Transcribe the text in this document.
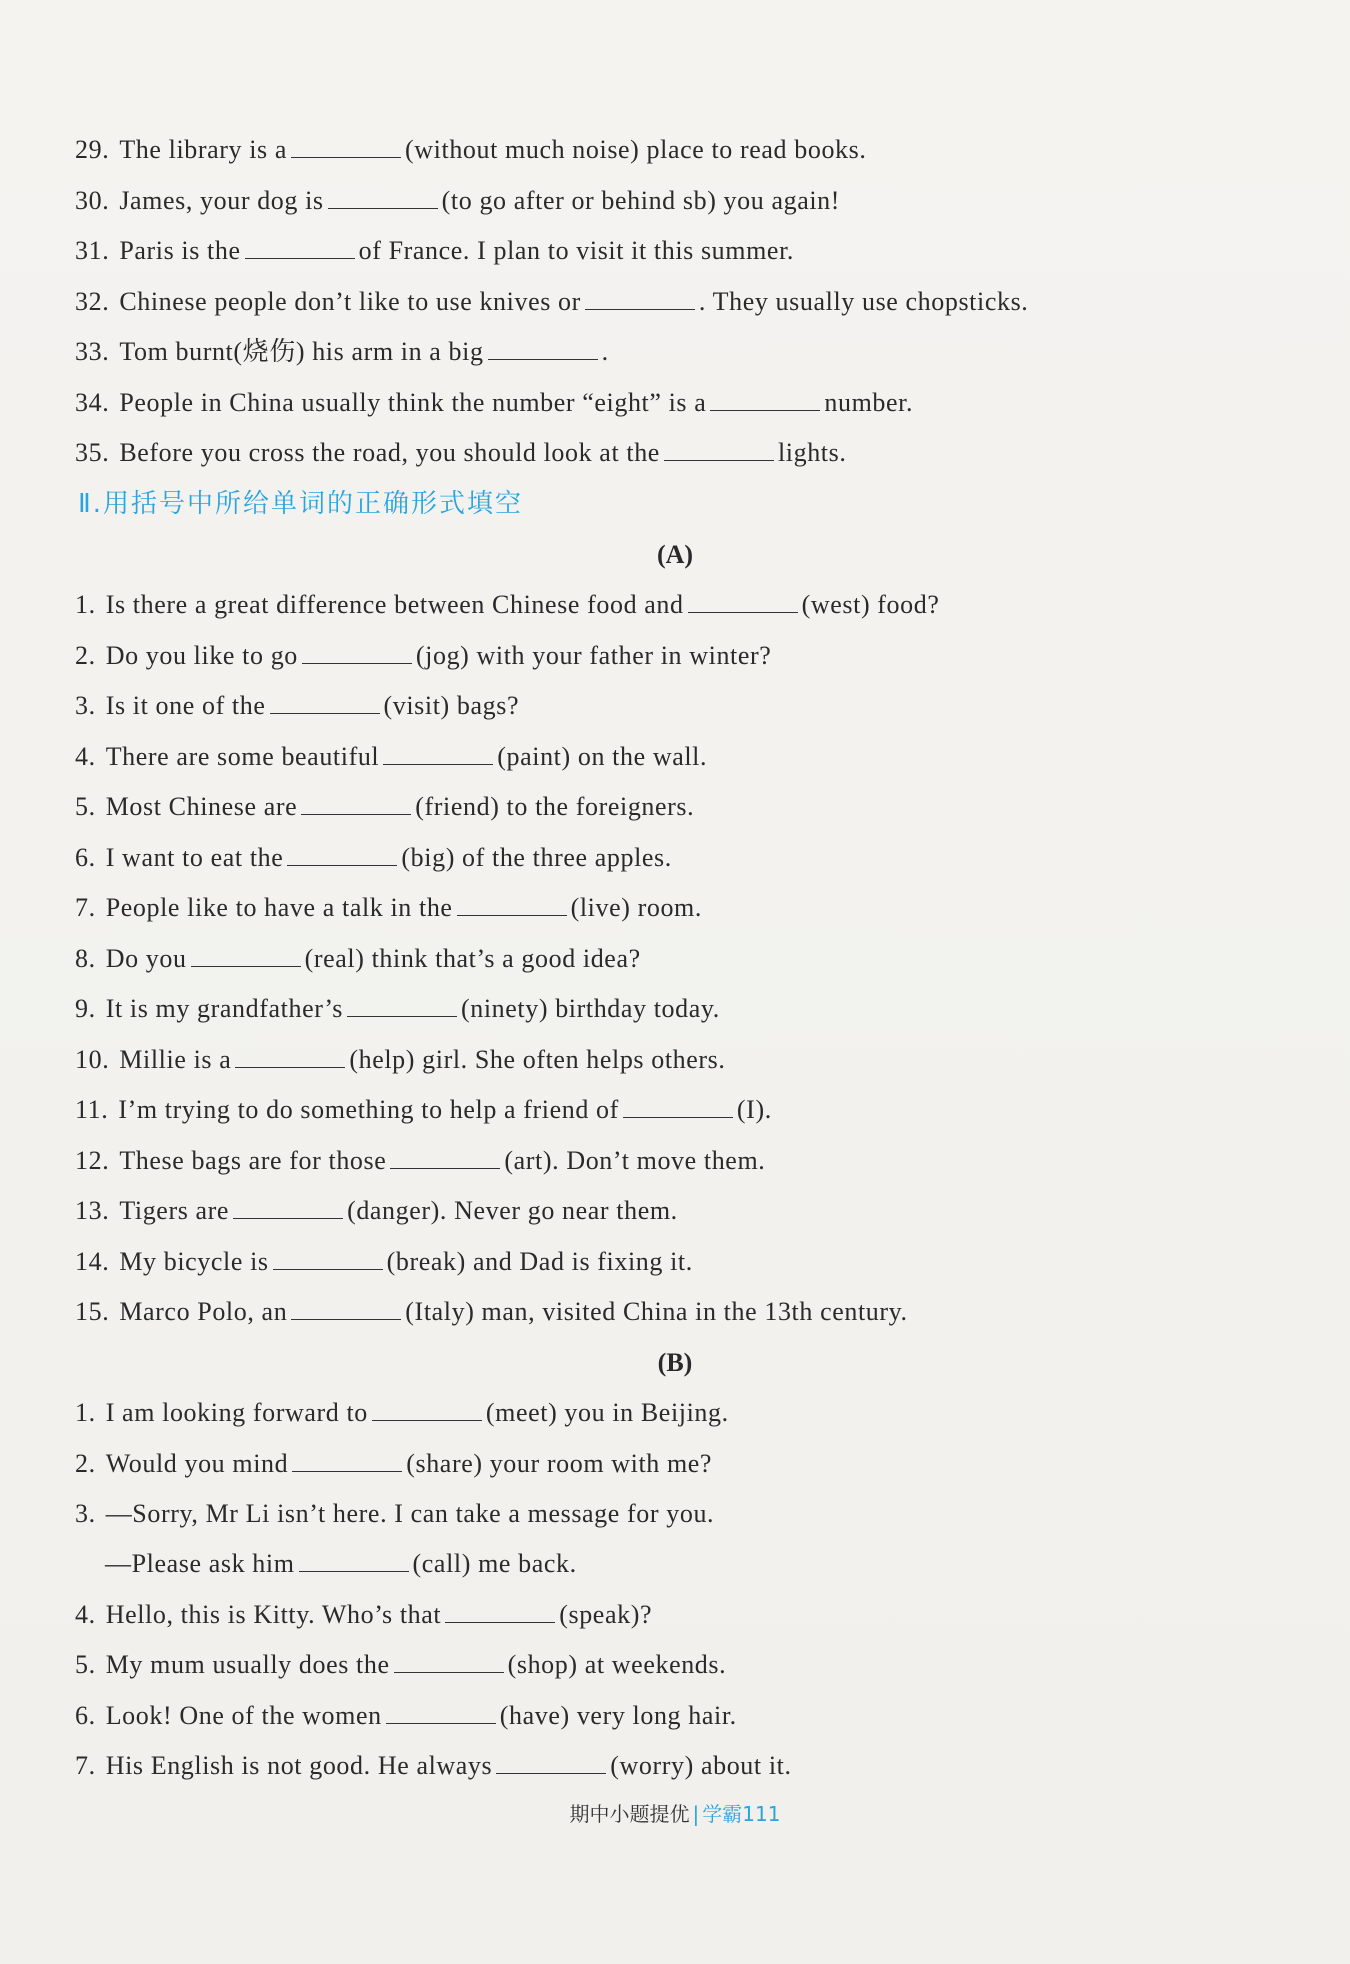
29. The library is a	(without much noise) place to read books.
30. James, your dog is	(to go after or behind sb) you again!
31. Paris is the	of France. I plan to visit it this summer.
32. Chinese people don’t like to use knives or	. They usually use chopsticks.
33. Tom burnt(烧伤) his arm in a big	.
34. People in China usually think the number “eight” is a	number.
35. Before you cross the road, you should look at the	lights.
Ⅱ.用括号中所给单词的正确形式填空
(A)
1. Is there a great difference between Chinese food and	(west) food?
2. Do you like to go	(jog) with your father in winter?
3. Is it one of the	(visit) bags?
4. There are some beautiful	(paint) on the wall.
5. Most Chinese are	(friend) to the foreigners.
6. I want to eat the	(big) of the three apples.
7. People like to have a talk in the	(live) room.
8. Do you	(real) think that’s a good idea?
9. It is my grandfather’s	(ninety) birthday today.
10. Millie is a	(help) girl. She often helps others.
11. I’m trying to do something to help a friend of	(I).
12. These bags are for those	(art). Don’t move them.
13. Tigers are	(danger). Never go near them.
14. My bicycle is	(break) and Dad is fixing it.
15. Marco Polo, an	(Italy) man, visited China in the 13th century.
(B)
1. I am looking forward to	(meet) you in Beijing.
2. Would you mind	(share) your room with me?
3. —Sorry, Mr Li isn’t here. I can take a message for you.
—Please ask him	(call) me back.
4. Hello, this is Kitty. Who’s that	(speak)?
5. My mum usually does the	(shop) at weekends.
6. Look! One of the women	(have) very long hair.
7. His English is not good. He always	(worry) about it.
期中小题提优 | 学霸111
